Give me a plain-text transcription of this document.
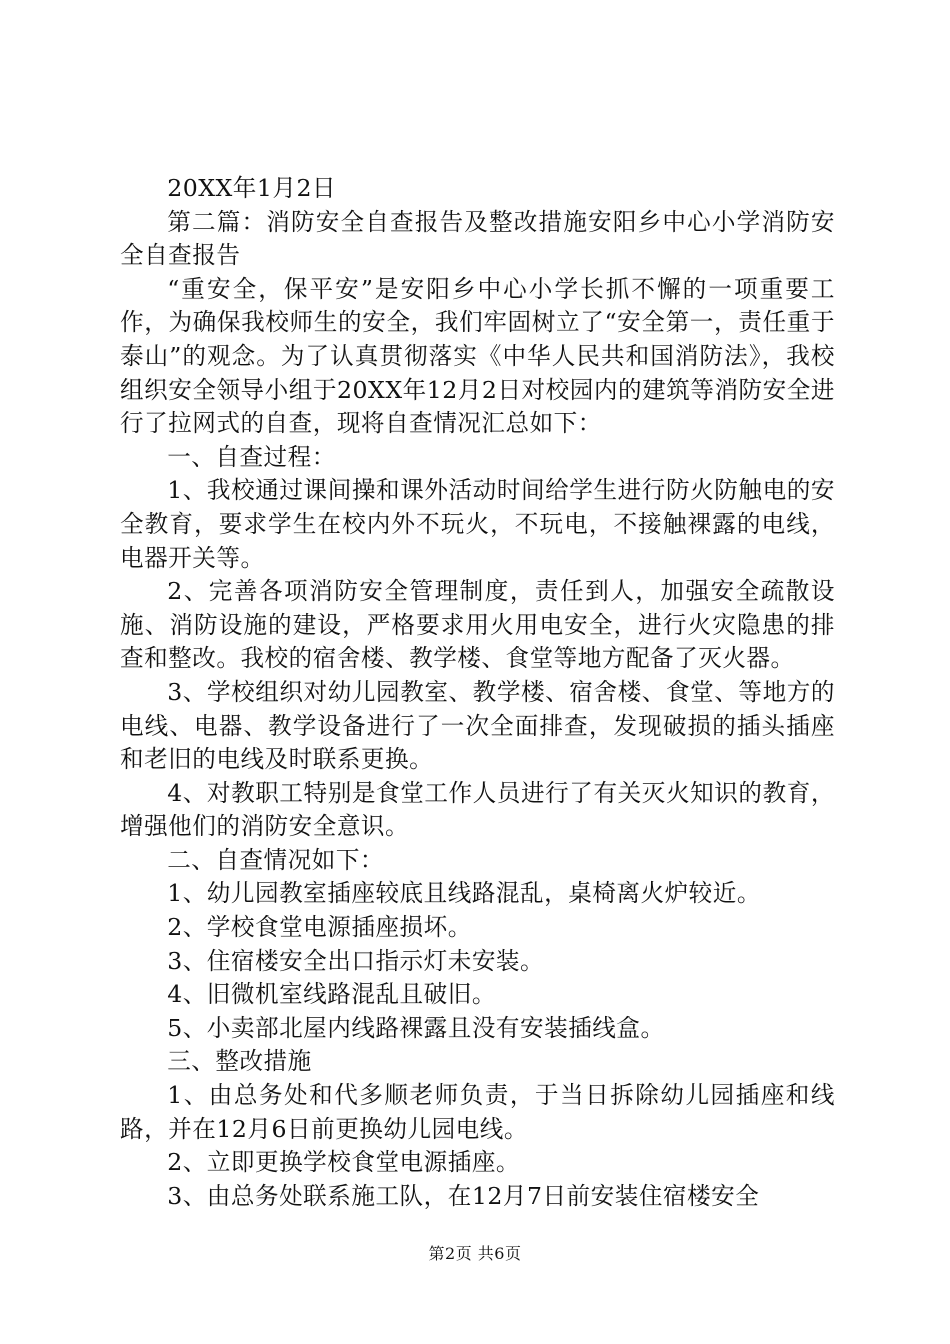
20XX年1月2日

第二篇：消防安全自查报告及整改措施安阳乡中心小学消防安全自查报告

“重安全，保平安”是安阳乡中心小学长抓不懈的一项重要工作，为确保我校师生的安全，我们牢固树立了“安全第一，责任重于泰山”的观念。为了认真贯彻落实《中华人民共和国消防法》，我校组织安全领导小组于20XX年12月2日对校园内的建筑等消防安全进行了拉网式的自查，现将自查情况汇总如下：

一、自查过程：

1、我校通过课间操和课外活动时间给学生进行防火防触电的安全教育，要求学生在校内外不玩火，不玩电，不接触裸露的电线，电器开关等。

2、完善各项消防安全管理制度，责任到人，加强安全疏散设施、消防设施的建设，严格要求用火用电安全，进行火灾隐患的排查和整改。我校的宿舍楼、教学楼、食堂等地方配备了灭火器。

3、学校组织对幼儿园教室、教学楼、宿舍楼、食堂、等地方的电线、电器、教学设备进行了一次全面排查，发现破损的插头插座和老旧的电线及时联系更换。

4、对教职工特别是食堂工作人员进行了有关灭火知识的教育，增强他们的消防安全意识。

二、自查情况如下：

1、幼儿园教室插座较底且线路混乱，桌椅离火炉较近。

2、学校食堂电源插座损坏。

3、住宿楼安全出口指示灯未安装。

4、旧微机室线路混乱且破旧。

5、小卖部北屋内线路裸露且没有安装插线盒。

三、整改措施

1、由总务处和代多顺老师负责，于当日拆除幼儿园插座和线路，并在12月6日前更换幼儿园电线。

2、立即更换学校食堂电源插座。

3、由总务处联系施工队，在12月7日前安装住宿楼安全

第2页 共6页
